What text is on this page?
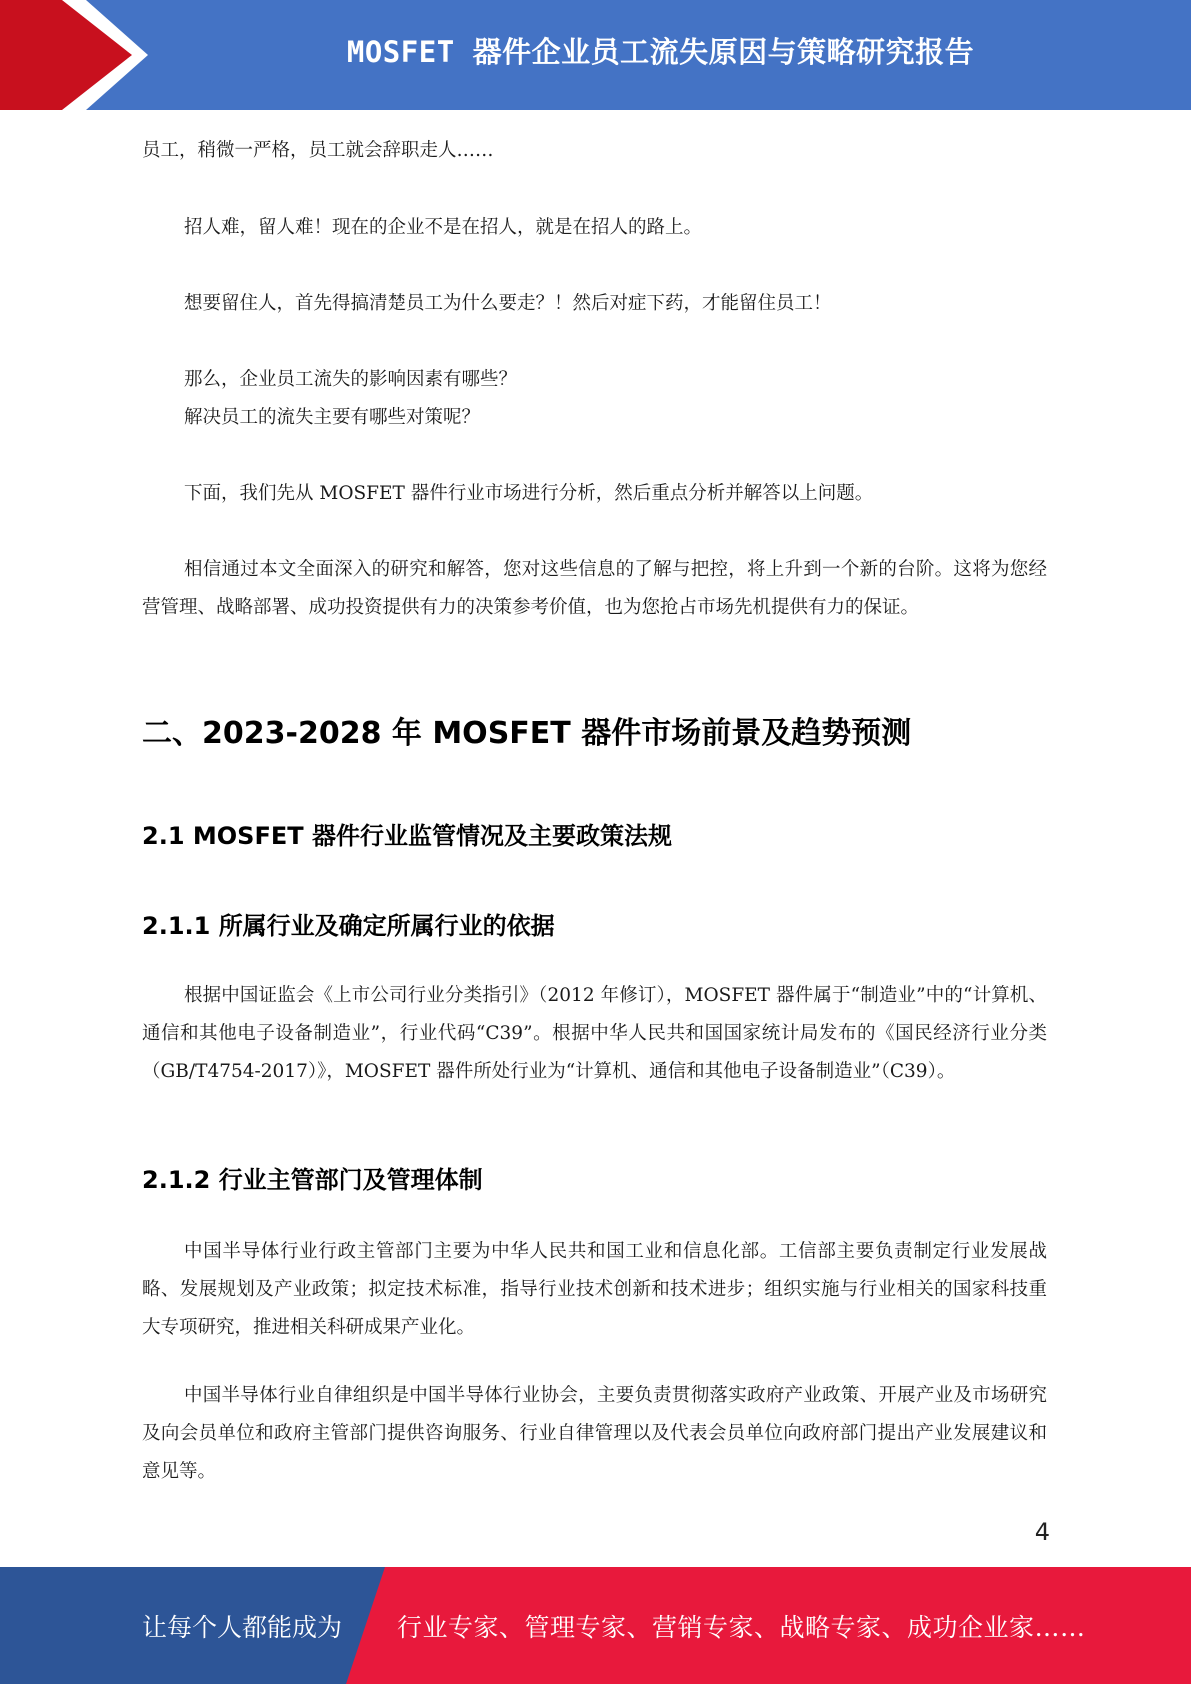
MOSFET 器件企业员工流失原因与策略研究报告

员工，稍微一严格，员工就会辞职走人……

招人难，留人难！现在的企业不是在招人，就是在招人的路上。

想要留住人，首先得搞清楚员工为什么要走？！然后对症下药，才能留住员工！

那么，企业员工流失的影响因素有哪些？

解决员工的流失主要有哪些对策呢？

下面，我们先从 MOSFET 器件行业市场进行分析，然后重点分析并解答以上问题。

相信通过本文全面深入的研究和解答，您对这些信息的了解与把控，将上升到一个新的台阶。这将为您经营管理、战略部署、成功投资提供有力的决策参考价值，也为您抢占市场先机提供有力的保证。

二、2023-2028 年 MOSFET 器件市场前景及趋势预测
2.1 MOSFET 器件行业监管情况及主要政策法规
2.1.1 所属行业及确定所属行业的依据

根据中国证监会《上市公司行业分类指引》（2012 年修订），MOSFET 器件属于“制造业”中的“计算机、通信和其他电子设备制造业”，行业代码“C39”。根据中华人民共和国国家统计局发布的《国民经济行业分类（GB/T4754-2017）》，MOSFET 器件所处行业为“计算机、通信和其他电子设备制造业”（C39）。

2.1.2 行业主管部门及管理体制

中国半导体行业行政主管部门主要为中华人民共和国工业和信息化部。工信部主要负责制定行业发展战略、发展规划及产业政策；拟定技术标准，指导行业技术创新和技术进步；组织实施与行业相关的国家科技重大专项研究，推进相关科研成果产业化。

中国半导体行业自律组织是中国半导体行业协会，主要负责贯彻落实政府产业政策、开展产业及市场研究及向会员单位和政府主管部门提供咨询服务、行业自律管理以及代表会员单位向政府部门提出产业发展建议和意见等。

4
让每个人都能成为 行业专家、管理专家、营销专家、战略专家、成功企业家……
